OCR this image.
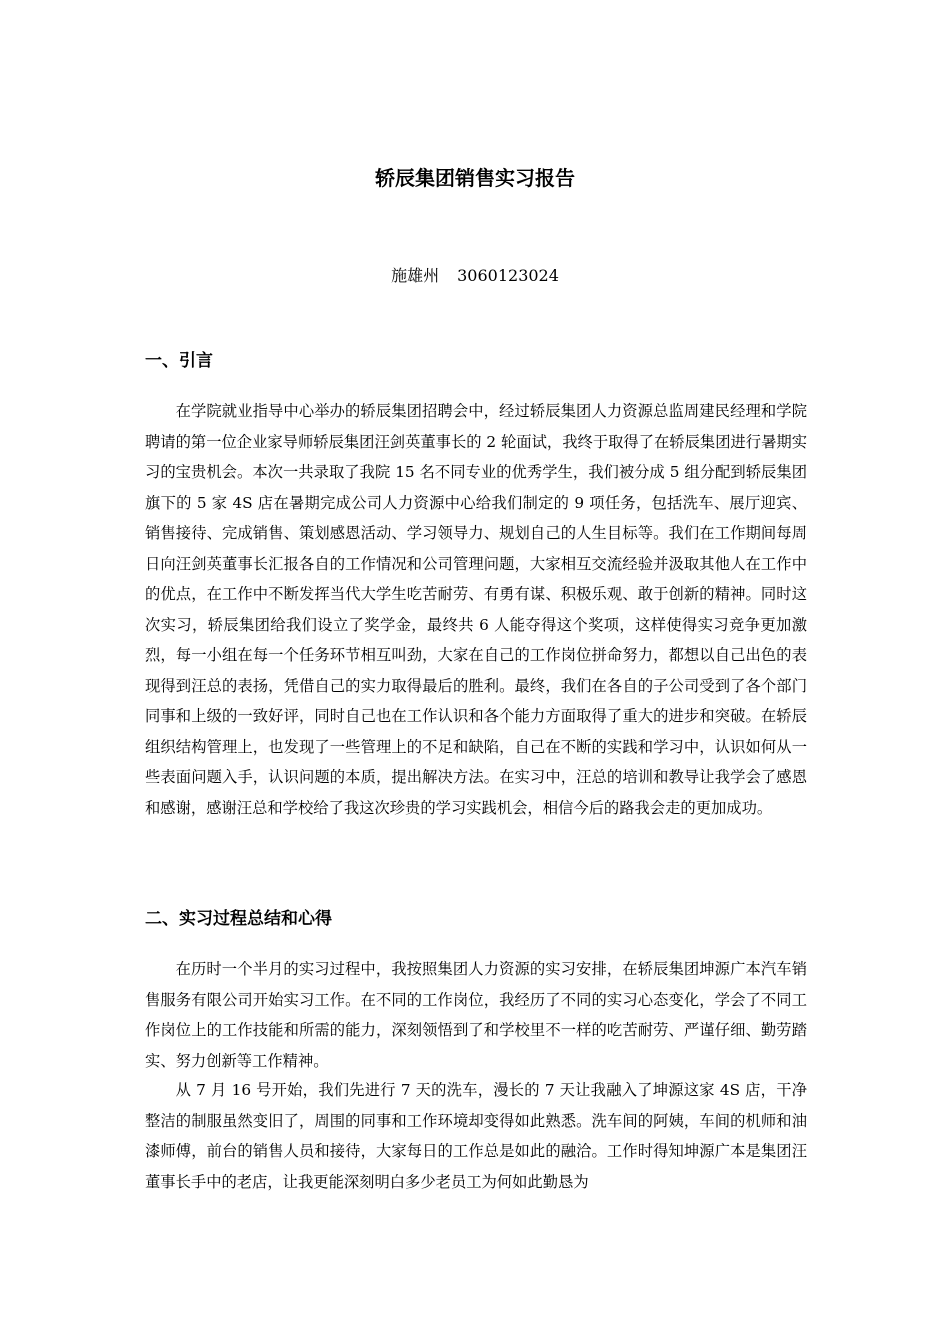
轿辰集团销售实习报告
施雄州 3060123024
一、引言

在学院就业指导中心举办的轿辰集团招聘会中，经过轿辰集团人力资源总监周建民经理和学院聘请的第一位企业家导师轿辰集团汪剑英董事长的 2 轮面试，我终于取得了在轿辰集团进行暑期实习的宝贵机会。本次一共录取了我院 15 名不同专业的优秀学生，我们被分成 5 组分配到轿辰集团旗下的 5 家 4S 店在暑期完成公司人力资源中心给我们制定的 9 项任务，包括洗车、展厅迎宾、销售接待、完成销售、策划感恩活动、学习领导力、规划自己的人生目标等。我们在工作期间每周日向汪剑英董事长汇报各自的工作情况和公司管理问题，大家相互交流经验并汲取其他人在工作中的优点，在工作中不断发挥当代大学生吃苦耐劳、有勇有谋、积极乐观、敢于创新的精神。同时这次实习，轿辰集团给我们设立了奖学金，最终共 6 人能夺得这个奖项，这样使得实习竞争更加激烈，每一小组在每一个任务环节相互叫劲，大家在自己的工作岗位拼命努力，都想以自己出色的表现得到汪总的表扬，凭借自己的实力取得最后的胜利。最终，我们在各自的子公司受到了各个部门同事和上级的一致好评，同时自己也在工作认识和各个能力方面取得了重大的进步和突破。在轿辰组织结构管理上，也发现了一些管理上的不足和缺陷，自己在不断的实践和学习中，认识如何从一些表面问题入手，认识问题的本质，提出解决方法。在实习中，汪总的培训和教导让我学会了感恩和感谢，感谢汪总和学校给了我这次珍贵的学习实践机会，相信今后的路我会走的更加成功。

二、实习过程总结和心得

在历时一个半月的实习过程中，我按照集团人力资源的实习安排，在轿辰集团坤源广本汽车销售服务有限公司开始实习工作。在不同的工作岗位，我经历了不同的实习心态变化，学会了不同工作岗位上的工作技能和所需的能力，深刻领悟到了和学校里不一样的吃苦耐劳、严谨仔细、勤劳踏实、努力创新等工作精神。

从 7 月 16 号开始，我们先进行 7 天的洗车，漫长的 7 天让我融入了坤源这家 4S 店，干净整洁的制服虽然变旧了，周围的同事和工作环境却变得如此熟悉。洗车间的阿姨，车间的机师和油漆师傅，前台的销售人员和接待，大家每日的工作总是如此的融洽。工作时得知坤源广本是集团汪董事长手中的老店，让我更能深刻明白多少老员工为何如此勤恳为
